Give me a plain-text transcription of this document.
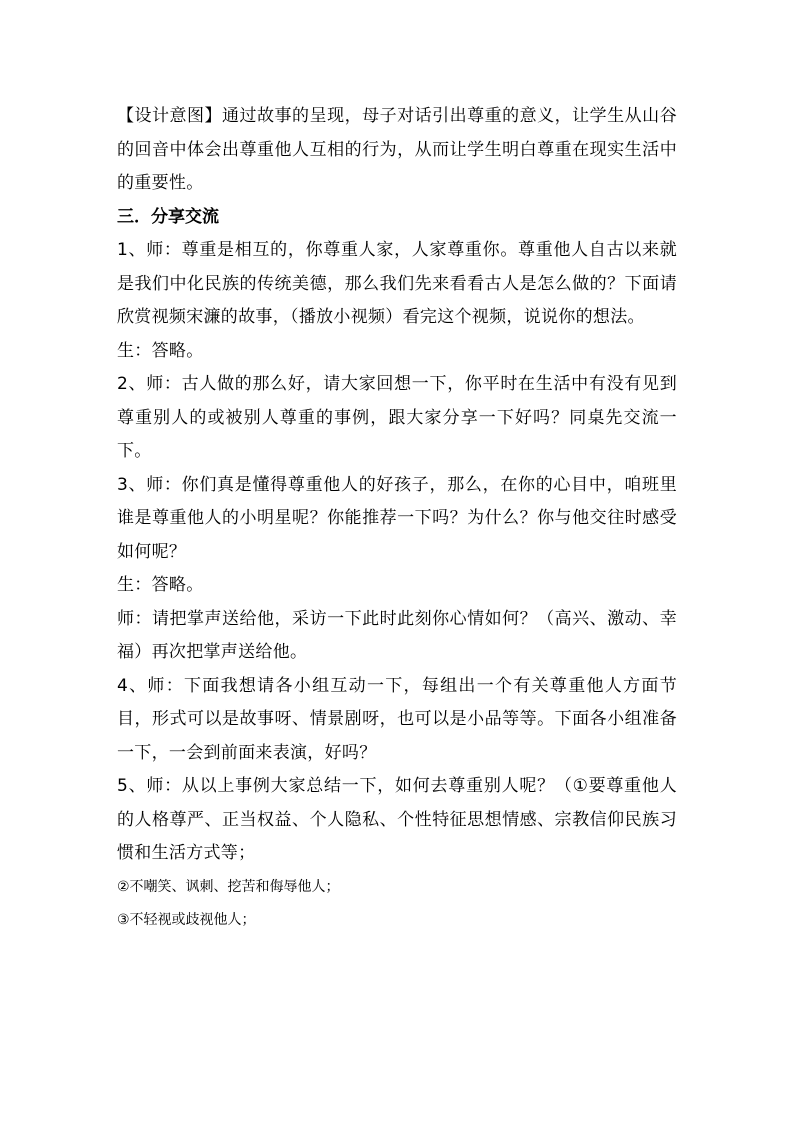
【设计意图】通过故事的呈现，母子对话引出尊重的意义，让学生从山谷的回音中体会出尊重他人互相的行为，从而让学生明白尊重在现实生活中的重要性。

三．分享交流

1、师：尊重是相互的，你尊重人家，人家尊重你。尊重他人自古以来就是我们中化民族的传统美德，那么我们先来看看古人是怎么做的？下面请欣赏视频宋濂的故事，（播放小视频）看完这个视频，说说你的想法。

生：答略。

2、师：古人做的那么好，请大家回想一下，你平时在生活中有没有见到尊重别人的或被别人尊重的事例，跟大家分享一下好吗？同桌先交流一下。

3、师：你们真是懂得尊重他人的好孩子，那么，在你的心目中，咱班里谁是尊重他人的小明星呢？你能推荐一下吗？为什么？你与他交往时感受如何呢？

生：答略。

师：请把掌声送给他，采访一下此时此刻你心情如何？（高兴、激动、幸福）再次把掌声送给他。

4、师：下面我想请各小组互动一下，每组出一个有关尊重他人方面节目，形式可以是故事呀、情景剧呀，也可以是小品等等。下面各小组准备一下，一会到前面来表演，好吗？

5、师：从以上事例大家总结一下，如何去尊重别人呢？（①要尊重他人的人格尊严、正当权益、个人隐私、个性特征思想情感、宗教信仰民族习惯和生活方式等；

②不嘲笑、讽刺、挖苦和侮辱他人；

③不轻视或歧视他人；
